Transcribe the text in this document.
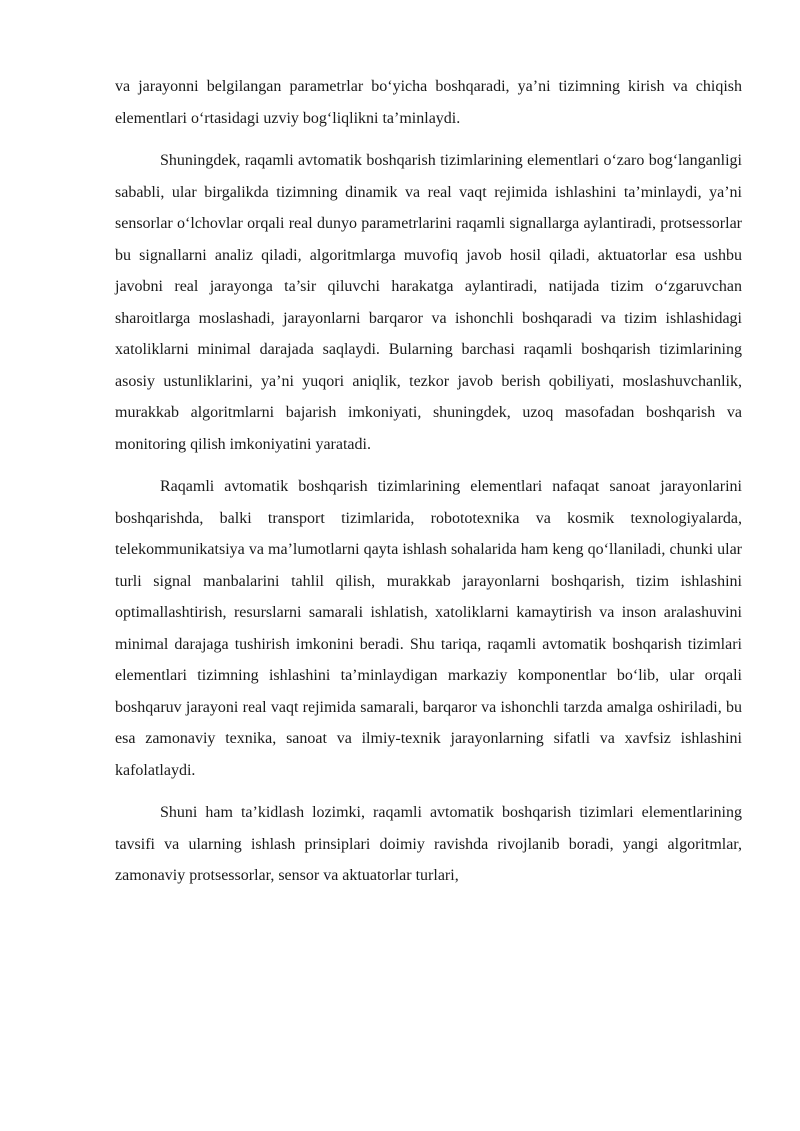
va jarayonni belgilangan parametrlar bo‘yicha boshqaradi, ya’ni tizimning kirish va chiqish elementlari o‘rtasidagi uzviy bog‘liqlikni ta’minlaydi.

Shuningdek, raqamli avtomatik boshqarish tizimlarining elementlari o‘zaro bog‘langanligi sababli, ular birgalikda tizimning dinamik va real vaqt rejimida ishlashini ta’minlaydi, ya’ni sensorlar o‘lchovlar orqali real dunyo parametrlarini raqamli signallarga aylantiradi, protsessorlar bu signallarni analiz qiladi, algoritmlarga muvofiq javob hosil qiladi, aktuatorlar esa ushbu javobni real jarayonga ta’sir qiluvchi harakatga aylantiradi, natijada tizim o‘zgaruvchan sharoitlarga moslashadi, jarayonlarni barqaror va ishonchli boshqaradi va tizim ishlashidagi xatoliklarni minimal darajada saqlaydi. Bularning barchasi raqamli boshqarish tizimlarining asosiy ustunliklarini, ya’ni yuqori aniqlik, tezkor javob berish qobiliyati, moslashuvchanlik, murakkab algoritmlarni bajarish imkoniyati, shuningdek, uzoq masofadan boshqarish va monitoring qilish imkoniyatini yaratadi.

Raqamli avtomatik boshqarish tizimlarining elementlari nafaqat sanoat jarayonlarini boshqarishda, balki transport tizimlarida, robototexnika va kosmik texnologiyalarda, telekommunikatsiya va ma’lumotlarni qayta ishlash sohalarida ham keng qo‘llaniladi, chunki ular turli signal manbalarini tahlil qilish, murakkab jarayonlarni boshqarish, tizim ishlashini optimallashtirish, resurslarni samarali ishlatish, xatoliklarni kamaytirish va inson aralashuvini minimal darajaga tushirish imkonini beradi. Shu tariqa, raqamli avtomatik boshqarish tizimlari elementlari tizimning ishlashini ta’minlaydigan markaziy komponentlar bo‘lib, ular orqali boshqaruv jarayoni real vaqt rejimida samarali, barqaror va ishonchli tarzda amalga oshiriladi, bu esa zamonaviy texnika, sanoat va ilmiy-texnik jarayonlarning sifatli va xavfsiz ishlashini kafolatlaydi.

Shuni ham ta’kidlash lozimki, raqamli avtomatik boshqarish tizimlari elementlarining tavsifi va ularning ishlash prinsiplari doimiy ravishda rivojlanib boradi, yangi algoritmlar, zamonaviy protsessorlar, sensor va aktuatorlar turlari,
